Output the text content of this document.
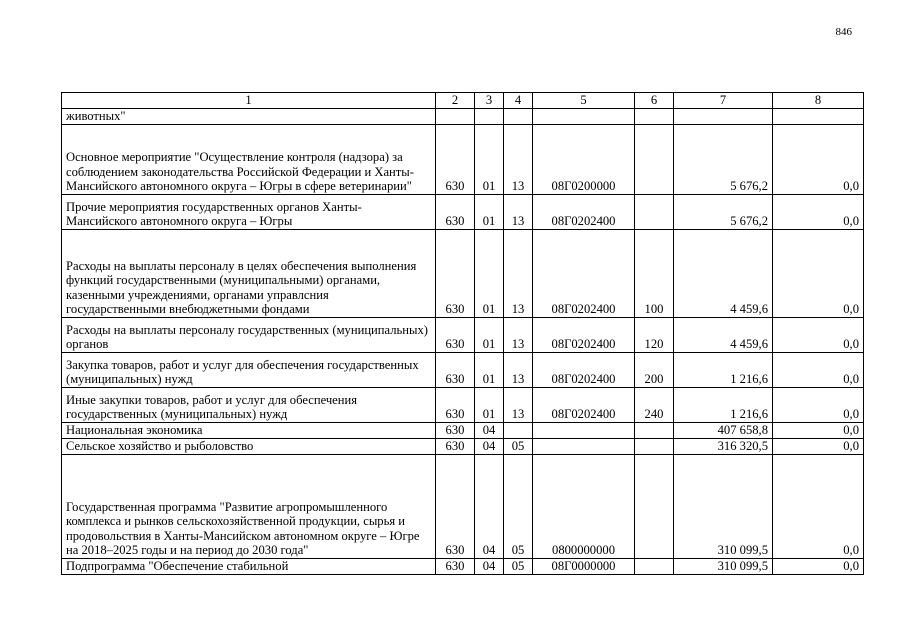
846
1	2	3	4	5	6	7	8
животных"							
Основное мероприятие "Осуществление контроля (надзора) за соблюдением законодательства Российской Федерации и Ханты-Мансийского автономного округа – Югры в сфере ветеринарии"	630	01	13	08Г0200000		5 676,2	0,0
Прочие мероприятия государственных органов Ханты-Мансийского автономного округа – Югры	630	01	13	08Г0202400		5 676,2	0,0
Расходы на выплаты персоналу в целях обеспечения выполнения функций государственными (муниципальными) органами, казенными учреждениями, органами управлсния государственными внебюджетными фондами	630	01	13	08Г0202400	100	4 459,6	0,0
Расходы на выплаты персоналу государственных (муниципальных) органов	630	01	13	08Г0202400	120	4 459,6	0,0
Закупка товаров, работ и услуг для обеспечения государственных (муниципальных) нужд	630	01	13	08Г0202400	200	1 216,6	0,0
Иные закупки товаров, работ и услуг для обеспечения государственных (муниципальных) нужд	630	01	13	08Г0202400	240	1 216,6	0,0
Национальная экономика	630	04				407 658,8	0,0
Сельское хозяйство и рыболовство	630	04	05			316 320,5	0,0
Государственная программа "Развитие агропромышленного комплекса и рынков сельскохозяйственной продукции, сырья и продовольствия в Ханты-Мансийском автономном округе – Югре на 2018–2025 годы и на период до 2030 года"	630	04	05	0800000000		310 099,5	0,0
Подпрограмма "Обеспечение стабильной	630	04	05	08Г0000000		310 099,5	0,0
